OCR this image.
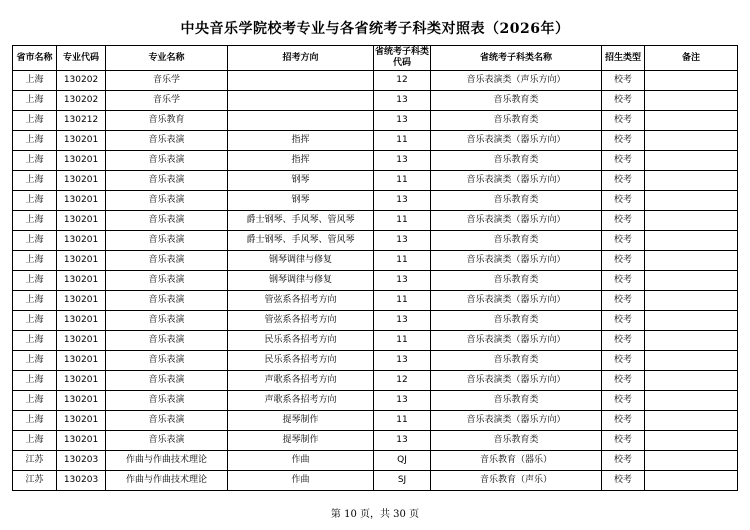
中央音乐学院校考专业与各省统考子科类对照表（2026年）
省市名称	专业代码	专业名称	招考方向	省统考子科类代码	省统考子科类名称	招生类型	备注
上海	130202	音乐学		12	音乐表演类（声乐方向）	校考	
上海	130202	音乐学		13	音乐教育类	校考	
上海	130212	音乐教育		13	音乐教育类	校考	
上海	130201	音乐表演	指挥	11	音乐表演类（器乐方向）	校考	
上海	130201	音乐表演	指挥	13	音乐教育类	校考	
上海	130201	音乐表演	钢琴	11	音乐表演类（器乐方向）	校考	
上海	130201	音乐表演	钢琴	13	音乐教育类	校考	
上海	130201	音乐表演	爵士钢琴、手风琴、管风琴	11	音乐表演类（器乐方向）	校考	
上海	130201	音乐表演	爵士钢琴、手风琴、管风琴	13	音乐教育类	校考	
上海	130201	音乐表演	钢琴调律与修复	11	音乐表演类（器乐方向）	校考	
上海	130201	音乐表演	钢琴调律与修复	13	音乐教育类	校考	
上海	130201	音乐表演	管弦系各招考方向	11	音乐表演类（器乐方向）	校考	
上海	130201	音乐表演	管弦系各招考方向	13	音乐教育类	校考	
上海	130201	音乐表演	民乐系各招考方向	11	音乐表演类（器乐方向）	校考	
上海	130201	音乐表演	民乐系各招考方向	13	音乐教育类	校考	
上海	130201	音乐表演	声歌系各招考方向	12	音乐表演类（器乐方向）	校考	
上海	130201	音乐表演	声歌系各招考方向	13	音乐教育类	校考	
上海	130201	音乐表演	提琴制作	11	音乐表演类（器乐方向）	校考	
上海	130201	音乐表演	提琴制作	13	音乐教育类	校考	
江苏	130203	作曲与作曲技术理论	作曲	QJ	音乐教育（器乐）	校考	
江苏	130203	作曲与作曲技术理论	作曲	SJ	音乐教育（声乐）	校考	
第 10 页，共 30 页
